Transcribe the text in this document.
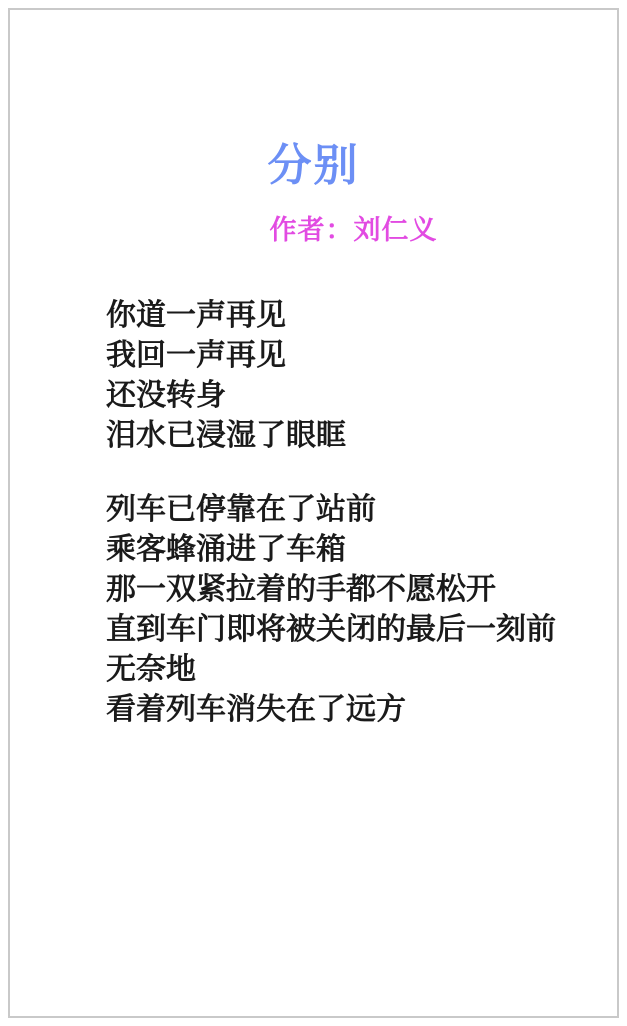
分别
作者：刘仁义
你道一声再见
我回一声再见
还没转身
泪水已浸湿了眼眶
列车已停靠在了站前
乘客蜂涌进了车箱
那一双紧拉着的手都不愿松开
直到车门即将被关闭的最后一刻前
无奈地
看着列车消失在了远方
